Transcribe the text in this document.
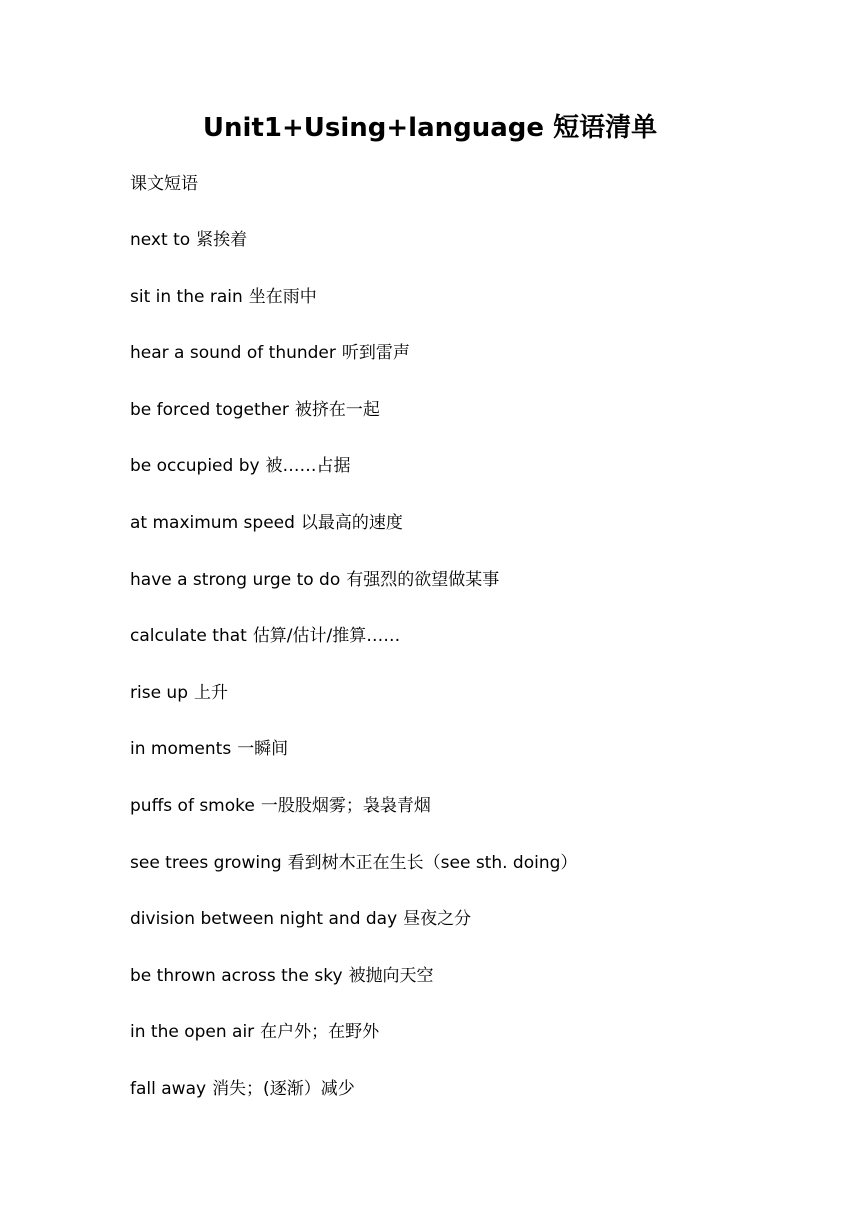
Unit1+Using+language 短语清单

课文短语

next to 紧挨着
sit in the rain 坐在雨中
hear a sound of thunder 听到雷声
be forced together 被挤在一起
be occupied by 被……占据
at maximum speed 以最高的速度
have a strong urge to do 有强烈的欲望做某事
calculate that 估算/估计/推算……
rise up 上升
in moments 一瞬间
puffs of smoke 一股股烟雾；袅袅青烟
see trees growing 看到树木正在生长（see sth. doing）
division between night and day 昼夜之分
be thrown across the sky 被抛向天空
in the open air 在户外；在野外
fall away 消失；(逐渐）减少
